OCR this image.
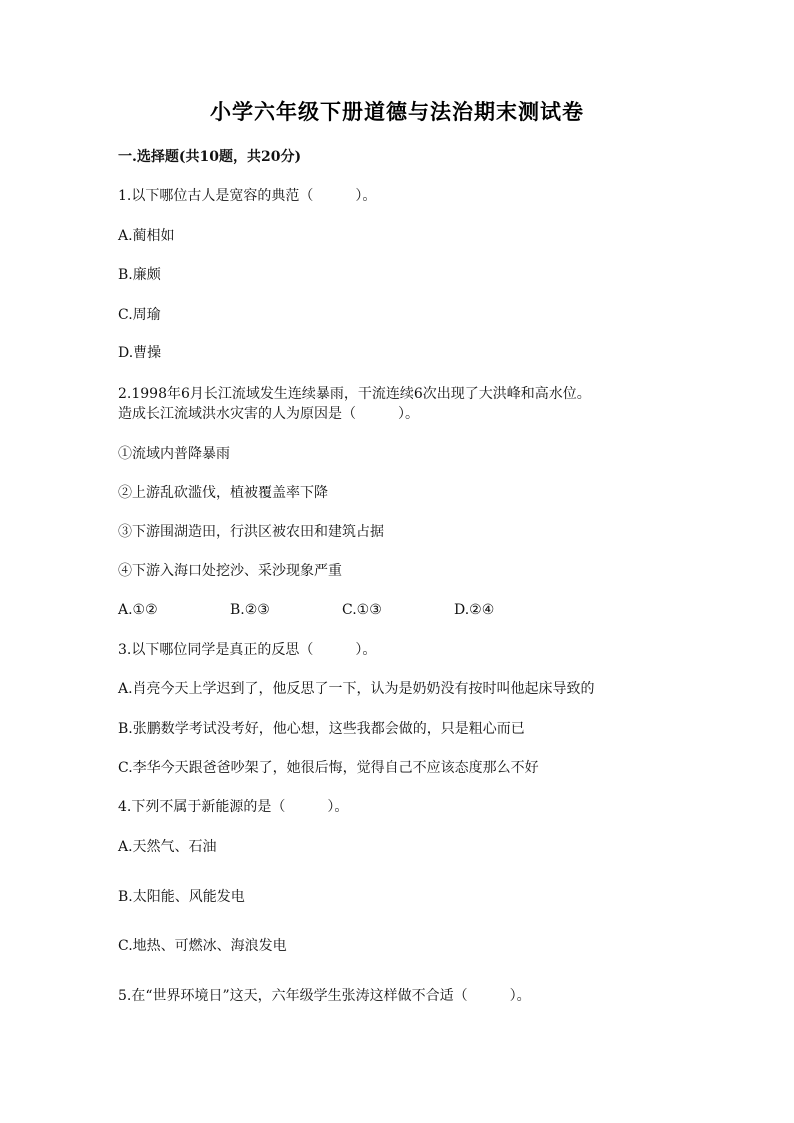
小学六年级下册道德与法治期末测试卷
一.选择题(共10题，共20分)
1.以下哪位古人是宽容的典范（　　　）。
A.蔺相如
B.廉颇
C.周瑜
D.曹操
2.1998年6月长江流域发生连续暴雨，干流连续6次出现了大洪峰和高水位。
造成长江流域洪水灾害的人为原因是（　　　）。
①流域内普降暴雨
②上游乱砍滥伐，植被覆盖率下降
③下游围湖造田，行洪区被农田和建筑占据
④下游入海口处挖沙、采沙现象严重
A.①②	B.②③	C.①③	D.②④
3.以下哪位同学是真正的反思（　　　）。
A.肖亮今天上学迟到了，他反思了一下，认为是奶奶没有按时叫他起床导致的
B.张鹏数学考试没考好，他心想，这些我都会做的，只是粗心而已
C.李华今天跟爸爸吵架了，她很后悔，觉得自己不应该态度那么不好
4.下列不属于新能源的是（　　　）。
A.天然气、石油
B.太阳能、风能发电
C.地热、可燃冰、海浪发电
5.在“世界环境日”这天，六年级学生张涛这样做不合适（　　　）。
